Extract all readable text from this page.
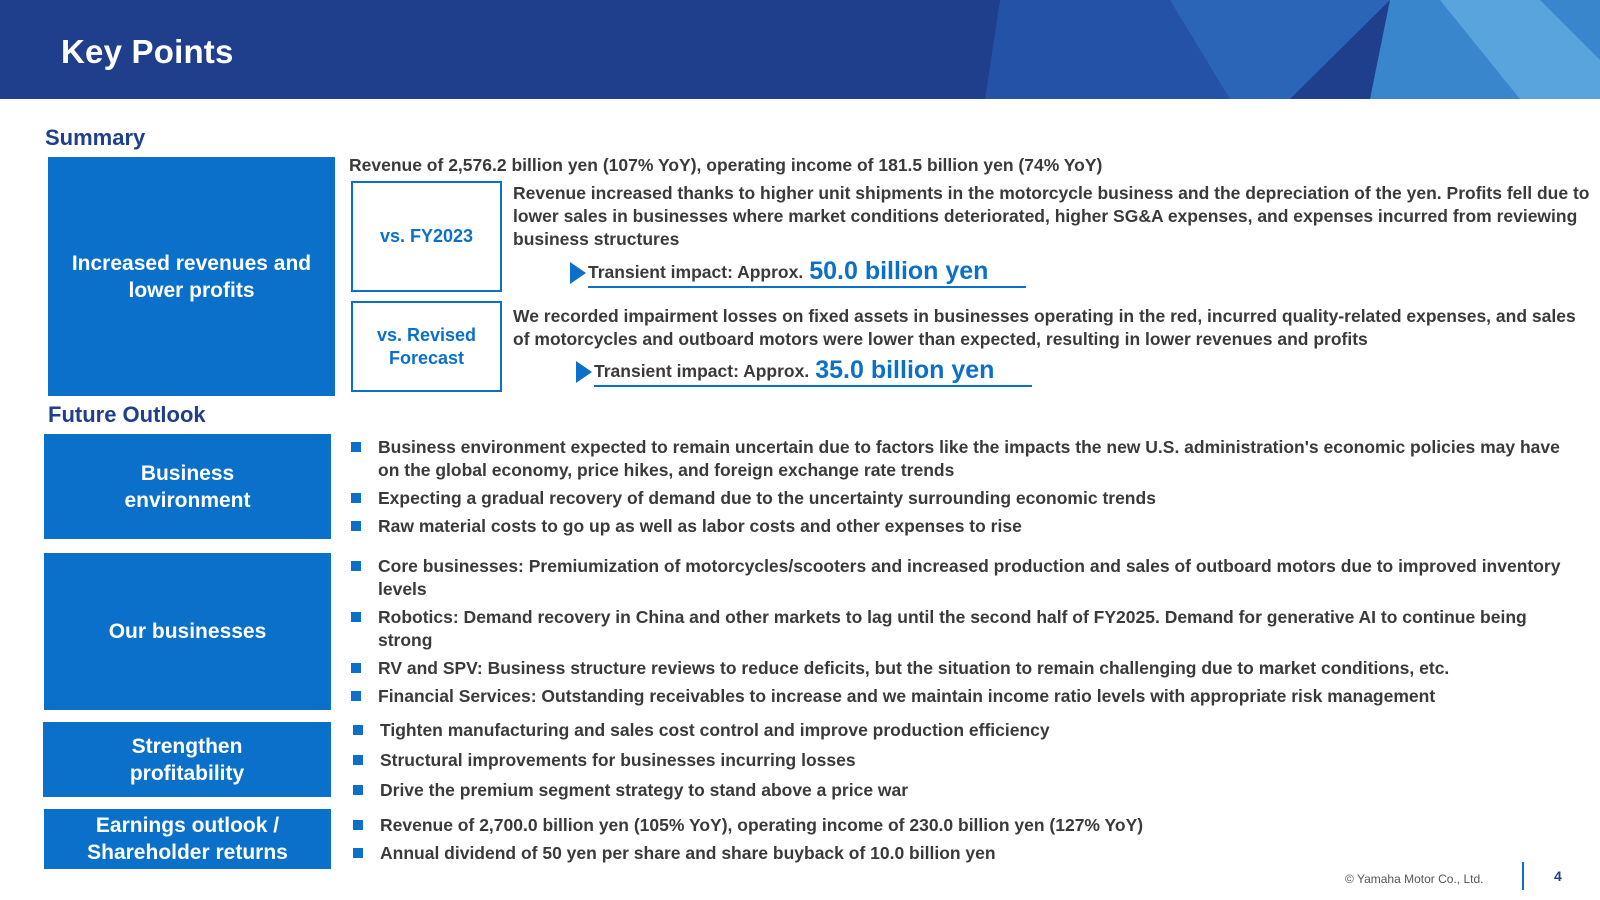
Key Points
Summary
Increased revenues and lower profits
Revenue of 2,576.2 billion yen (107% YoY), operating income of 181.5 billion yen (74% YoY)
vs. FY2023
Revenue increased thanks to higher unit shipments in the motorcycle business and the depreciation of the yen. Profits fell due to lower sales in businesses where market conditions deteriorated, higher SG&A expenses, and expenses incurred from reviewing business structures
Transient impact: Approx. 50.0 billion yen
vs. Revised Forecast
We recorded impairment losses on fixed assets in businesses operating in the red, incurred quality-related expenses, and sales of motorcycles and outboard motors were lower than expected, resulting in lower revenues and profits
Transient impact: Approx. 35.0 billion yen
Future Outlook
Business environment
Business environment expected to remain uncertain due to factors like the impacts the new U.S. administration's economic policies may have on the global economy, price hikes, and foreign exchange rate trends
Expecting a gradual recovery of demand due to the uncertainty surrounding economic trends
Raw material costs to go up as well as labor costs and other expenses to rise
Our businesses
Core businesses: Premiumization of motorcycles/scooters and increased production and sales of outboard motors due to improved inventory levels
Robotics: Demand recovery in China and other markets to lag until the second half of FY2025. Demand for generative AI to continue being strong
RV and SPV: Business structure reviews to reduce deficits, but the situation to remain challenging due to market conditions, etc.
Financial Services: Outstanding receivables to increase and we maintain income ratio levels with appropriate risk management
Strengthen profitability
Tighten manufacturing and sales cost control and improve production efficiency
Structural improvements for businesses incurring losses
Drive the premium segment strategy to stand above a price war
Earnings outlook / Shareholder returns
Revenue of 2,700.0 billion yen (105% YoY), operating income of 230.0 billion yen (127% YoY)
Annual dividend of 50 yen per share and share buyback of 10.0 billion yen
© Yamaha Motor Co., Ltd.	4
